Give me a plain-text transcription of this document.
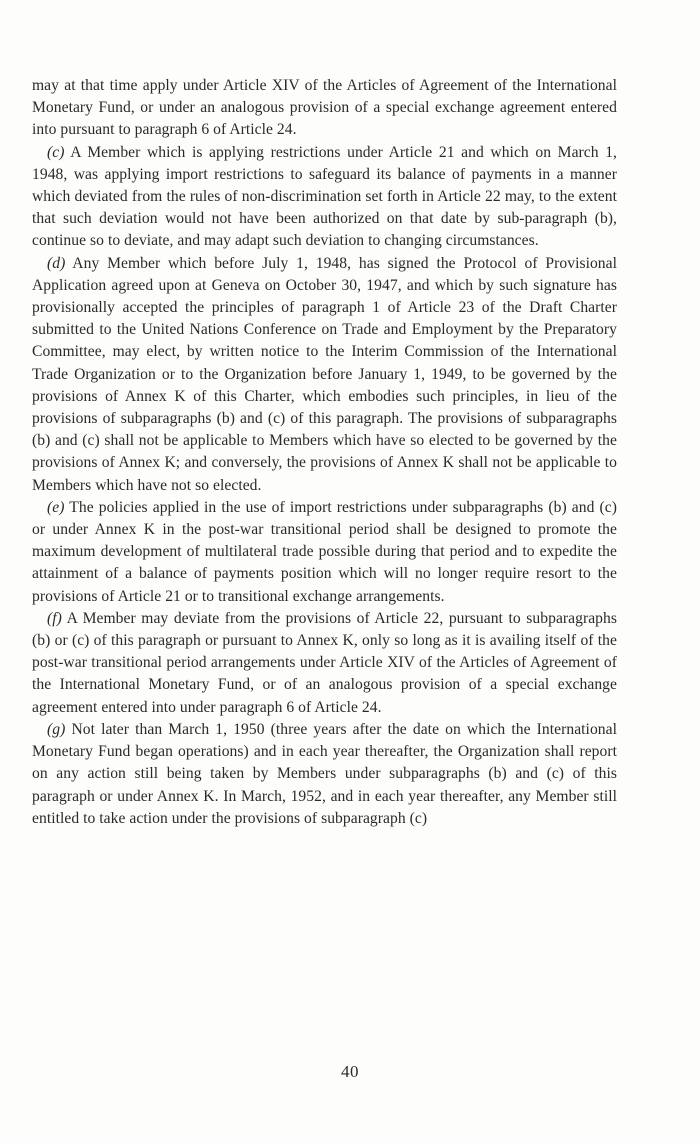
may at that time apply under Article XIV of the Articles of Agreement of the International Monetary Fund, or under an analogous provision of a special exchange agreement entered into pursuant to paragraph 6 of Article 24.

(c) A Member which is applying restrictions under Article 21 and which on March 1, 1948, was applying import restrictions to safeguard its balance of payments in a manner which deviated from the rules of non-discrimination set forth in Article 22 may, to the extent that such deviation would not have been authorized on that date by sub-paragraph (b), continue so to deviate, and may adapt such deviation to changing circumstances.

(d) Any Member which before July 1, 1948, has signed the Protocol of Provisional Application agreed upon at Geneva on October 30, 1947, and which by such signature has provisionally accepted the principles of paragraph 1 of Article 23 of the Draft Charter submitted to the United Nations Conference on Trade and Employment by the Preparatory Committee, may elect, by written notice to the Interim Commission of the International Trade Organization or to the Organization before January 1, 1949, to be governed by the provisions of Annex K of this Charter, which embodies such principles, in lieu of the provisions of subparagraphs (b) and (c) of this paragraph. The provisions of subparagraphs (b) and (c) shall not be applicable to Members which have so elected to be governed by the provisions of Annex K; and conversely, the provisions of Annex K shall not be applicable to Members which have not so elected.

(e) The policies applied in the use of import restrictions under subparagraphs (b) and (c) or under Annex K in the post-war transitional period shall be designed to promote the maximum development of multilateral trade possible during that period and to expedite the attainment of a balance of payments position which will no longer require resort to the provisions of Article 21 or to transitional exchange arrangements.

(f) A Member may deviate from the provisions of Article 22, pursuant to subparagraphs (b) or (c) of this paragraph or pursuant to Annex K, only so long as it is availing itself of the post-war transitional period arrangements under Article XIV of the Articles of Agreement of the International Monetary Fund, or of an analogous provision of a special exchange agreement entered into under paragraph 6 of Article 24.

(g) Not later than March 1, 1950 (three years after the date on which the International Monetary Fund began operations) and in each year thereafter, the Organization shall report on any action still being taken by Members under subparagraphs (b) and (c) of this paragraph or under Annex K. In March, 1952, and in each year thereafter, any Member still entitled to take action under the provisions of subparagraph (c)

40
